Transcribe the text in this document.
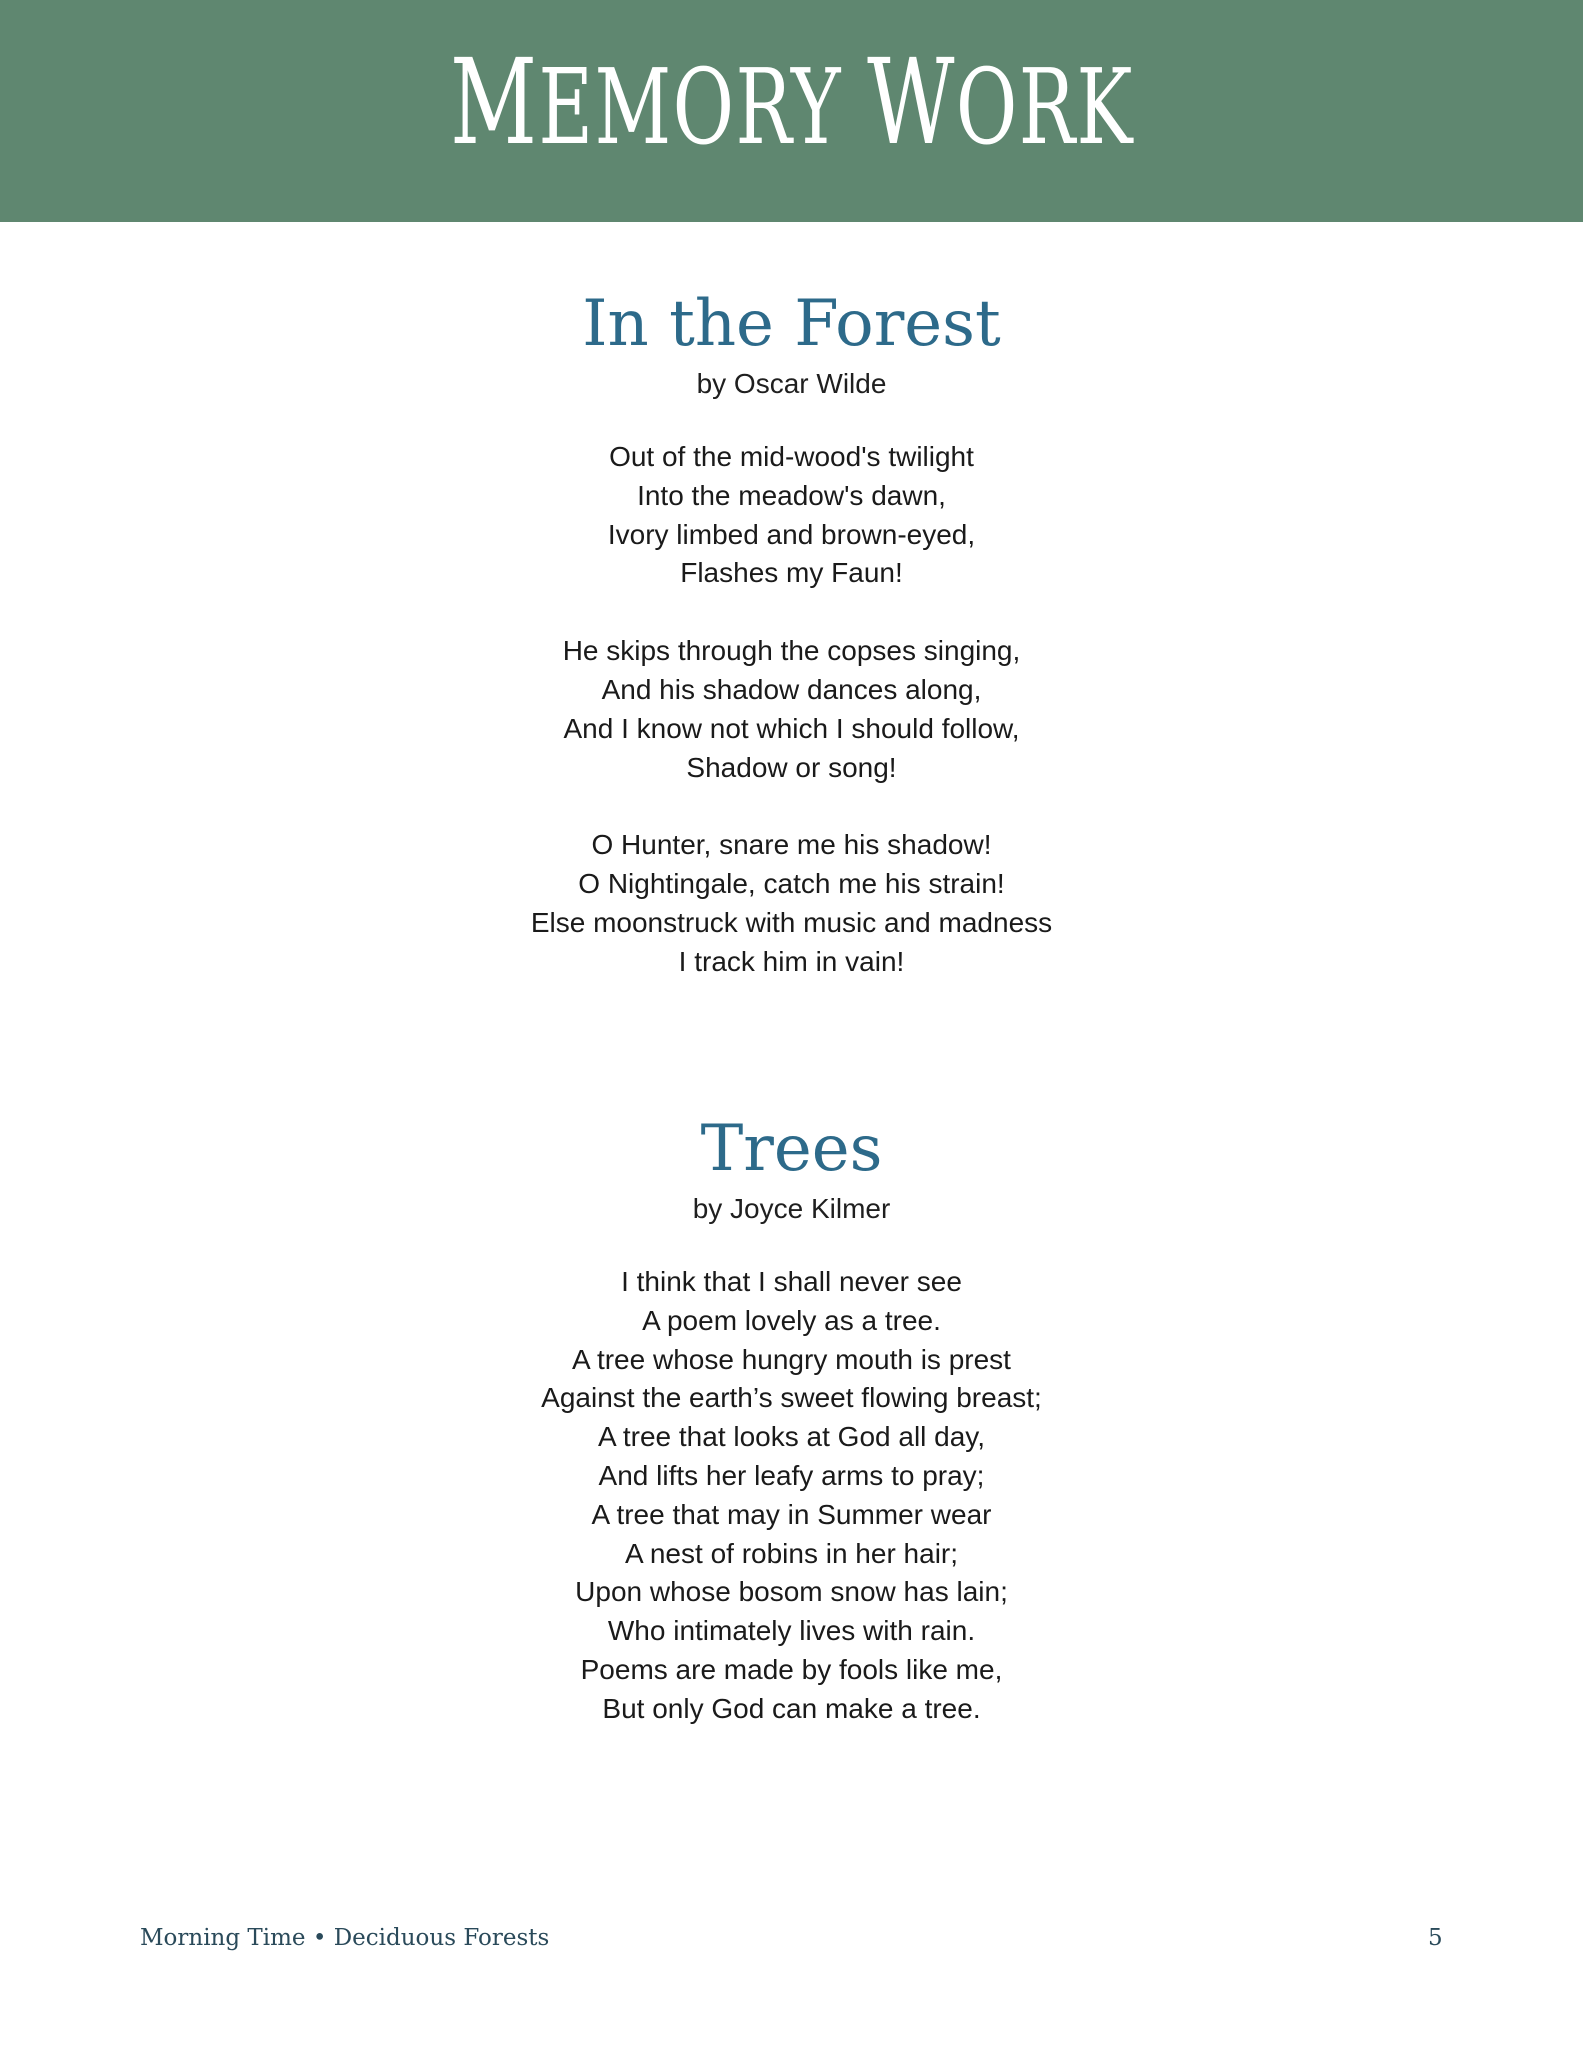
MEMORY WORK
In the Forest
by Oscar Wilde
Out of the mid-wood's twilight
Into the meadow's dawn,
Ivory limbed and brown-eyed,
Flashes my Faun!
He skips through the copses singing,
And his shadow dances along,
And I know not which I should follow,
Shadow or song!
O Hunter, snare me his shadow!
O Nightingale, catch me his strain!
Else moonstruck with music and madness
I track him in vain!
Trees
by Joyce Kilmer
I think that I shall never see
A poem lovely as a tree.
A tree whose hungry mouth is prest
Against the earth’s sweet flowing breast;
A tree that looks at God all day,
And lifts her leafy arms to pray;
A tree that may in Summer wear
A nest of robins in her hair;
Upon whose bosom snow has lain;
Who intimately lives with rain.
Poems are made by fools like me,
But only God can make a tree.
Morning Time • Deciduous Forests	5
